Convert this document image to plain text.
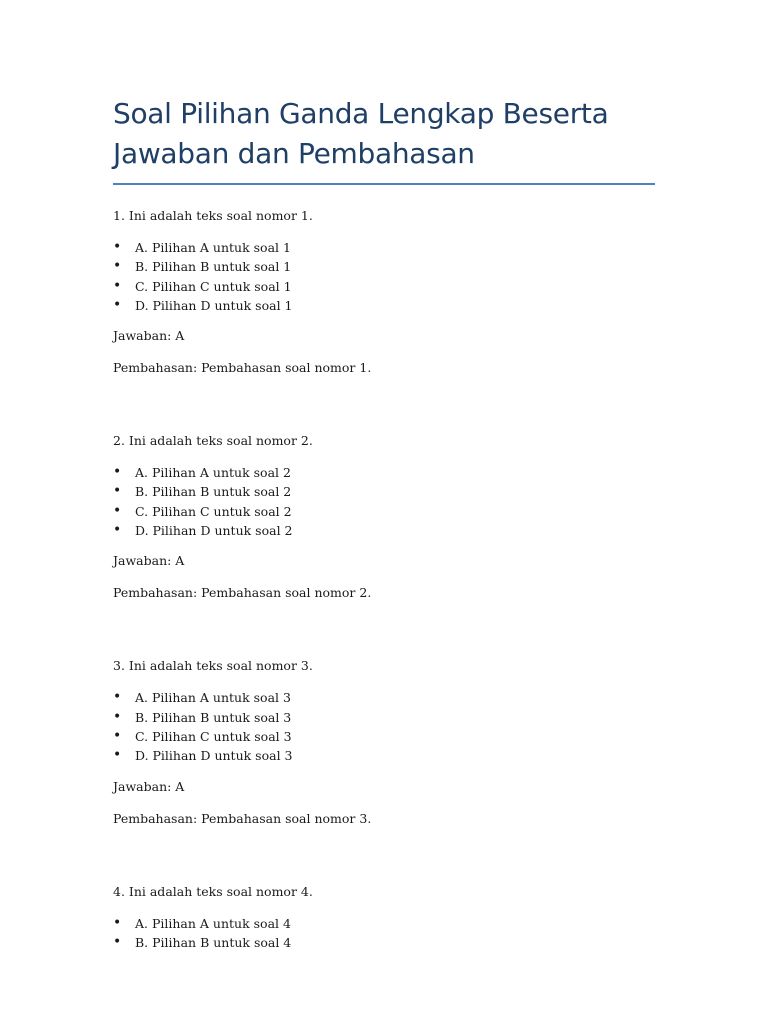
Soal Pilihan Ganda Lengkap Beserta Jawaban dan Pembahasan

1. Ini adalah teks soal nomor 1.

• A. Pilihan A untuk soal 1
• B. Pilihan B untuk soal 1
• C. Pilihan C untuk soal 1
• D. Pilihan D untuk soal 1

Jawaban: A

Pembahasan: Pembahasan soal nomor 1.

2. Ini adalah teks soal nomor 2.

• A. Pilihan A untuk soal 2
• B. Pilihan B untuk soal 2
• C. Pilihan C untuk soal 2
• D. Pilihan D untuk soal 2

Jawaban: A

Pembahasan: Pembahasan soal nomor 2.

3. Ini adalah teks soal nomor 3.

• A. Pilihan A untuk soal 3
• B. Pilihan B untuk soal 3
• C. Pilihan C untuk soal 3
• D. Pilihan D untuk soal 3

Jawaban: A

Pembahasan: Pembahasan soal nomor 3.

4. Ini adalah teks soal nomor 4.

• A. Pilihan A untuk soal 4
• B. Pilihan B untuk soal 4
